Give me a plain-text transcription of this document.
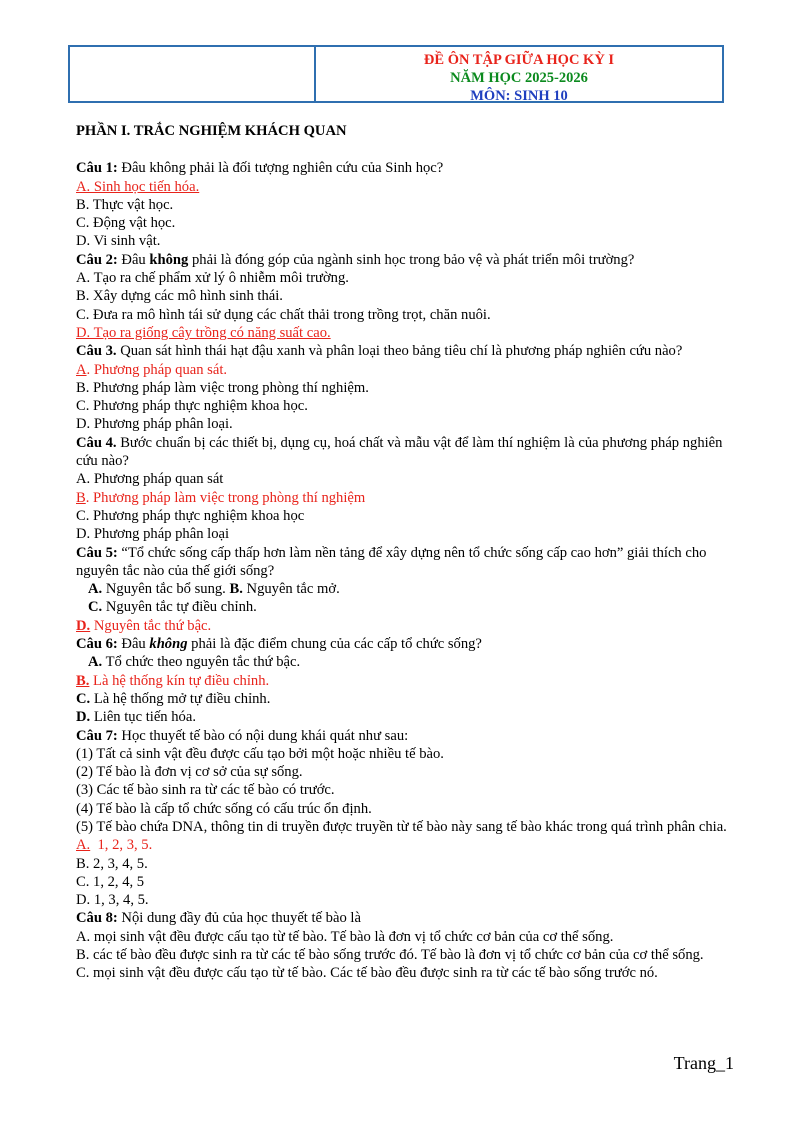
ĐỀ ÔN TẬP GIỮA HỌC KỲ I
NĂM HỌC 2025-2026
MÔN: SINH 10
PHẦN I. TRẮC NGHIỆM KHÁCH QUAN
Câu 1: Đâu không phải là đối tượng nghiên cứu của Sinh học?
A. Sinh học tiến hóa.
B. Thực vật học.
C. Động vật học.
D. Vi sinh vật.
Câu 2: Đâu không phải là đóng góp của ngành sinh học trong bảo vệ và phát triển môi trường?
A. Tạo ra chế phẩm xử lý ô nhiễm môi trường.
B. Xây dựng các mô hình sinh thái.
C. Đưa ra mô hình tái sử dụng các chất thải trong trồng trọt, chăn nuôi.
D. Tạo ra giống cây trồng có năng suất cao.
Câu 3. Quan sát hình thái hạt đậu xanh và phân loại theo bảng tiêu chí là phương pháp nghiên cứu nào?
A. Phương pháp quan sát.
B. Phương pháp làm việc trong phòng thí nghiệm.
C. Phương pháp thực nghiệm khoa học.
D. Phương pháp phân loại.
Câu 4. Bước chuẩn bị các thiết bị, dụng cụ, hoá chất và mẫu vật để làm thí nghiệm là của phương pháp nghiên cứu nào?
A. Phương pháp quan sát
B. Phương pháp làm việc trong phòng thí nghiệm
C. Phương pháp thực nghiệm khoa học
D. Phương pháp phân loại
Câu 5: “Tổ chức sống cấp thấp hơn làm nền tảng để xây dựng nên tổ chức sống cấp cao hơn” giải thích cho nguyên tắc nào của thế giới sống?
A. Nguyên tắc bổ sung. B. Nguyên tắc mở.
C. Nguyên tắc tự điều chỉnh.
D. Nguyên tắc thứ bậc.
Câu 6: Đâu không phải là đặc điểm chung của các cấp tổ chức sống?
A. Tổ chức theo nguyên tắc thứ bậc.
B. Là hệ thống kín tự điều chỉnh.
C. Là hệ thống mở tự điều chỉnh.
D. Liên tục tiến hóa.
Câu 7: Học thuyết tế bào có nội dung khái quát như sau:
(1) Tất cả sinh vật đều được cấu tạo bởi một hoặc nhiều tế bào.
(2) Tế bào là đơn vị cơ sở của sự sống.
(3) Các tế bào sinh ra từ các tế bào có trước.
(4) Tế bào là cấp tổ chức sống có cấu trúc ổn định.
(5) Tế bào chứa DNA, thông tin di truyền được truyền từ tế bào này sang tế bào khác trong quá trình phân chia.
A.  1, 2, 3, 5.
B. 2, 3, 4, 5.
C. 1, 2, 4, 5
D. 1, 3, 4, 5.
Câu 8: Nội dung đầy đủ của học thuyết tế bào là
A. mọi sinh vật đều được cấu tạo từ tế bào. Tế bào là đơn vị tổ chức cơ bản của cơ thể sống.
B. các tế bào đều được sinh ra từ các tế bào sống trước đó. Tế bào là đơn vị tổ chức cơ bản của cơ thể sống.
C. mọi sinh vật đều được cấu tạo từ tế bào. Các tế bào đều được sinh ra từ các tế bào sống trước nó.
Trang_1
